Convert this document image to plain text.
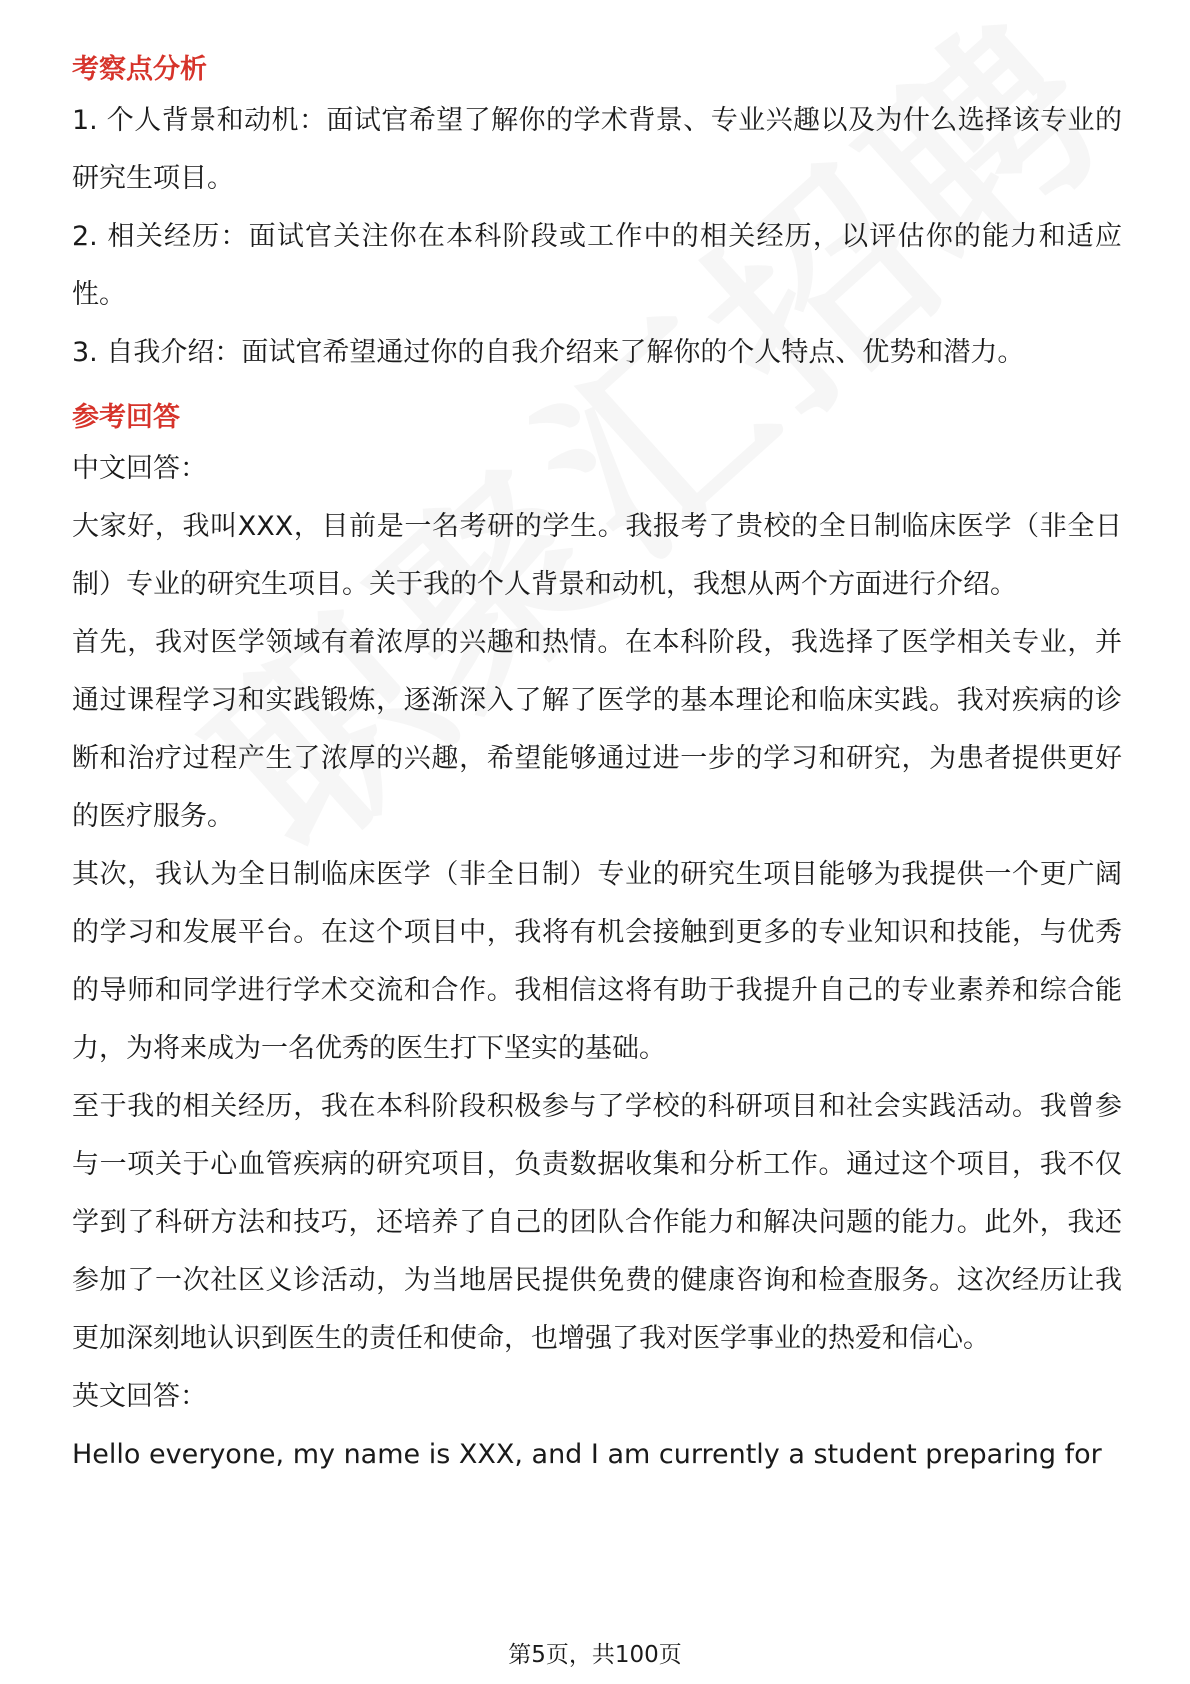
考察点分析

1. 个人背景和动机：面试官希望了解你的学术背景、专业兴趣以及为什么选择该专业的研究生项目。

2. 相关经历：面试官关注你在本科阶段或工作中的相关经历，以评估你的能力和适应性。

3. 自我介绍：面试官希望通过你的自我介绍来了解你的个人特点、优势和潜力。

参考回答

中文回答：

大家好，我叫XXX，目前是一名考研的学生。我报考了贵校的全日制临床医学（非全日制）专业的研究生项目。关于我的个人背景和动机，我想从两个方面进行介绍。

首先，我对医学领域有着浓厚的兴趣和热情。在本科阶段，我选择了医学相关专业，并通过课程学习和实践锻炼，逐渐深入了解了医学的基本理论和临床实践。我对疾病的诊断和治疗过程产生了浓厚的兴趣，希望能够通过进一步的学习和研究，为患者提供更好的医疗服务。

其次，我认为全日制临床医学（非全日制）专业的研究生项目能够为我提供一个更广阔的学习和发展平台。在这个项目中，我将有机会接触到更多的专业知识和技能，与优秀的导师和同学进行学术交流和合作。我相信这将有助于我提升自己的专业素养和综合能力，为将来成为一名优秀的医生打下坚实的基础。

至于我的相关经历，我在本科阶段积极参与了学校的科研项目和社会实践活动。我曾参与一项关于心血管疾病的研究项目，负责数据收集和分析工作。通过这个项目，我不仅学到了科研方法和技巧，还培养了自己的团队合作能力和解决问题的能力。此外，我还参加了一次社区义诊活动，为当地居民提供免费的健康咨询和检查服务。这次经历让我更加深刻地认识到医生的责任和使命，也增强了我对医学事业的热爱和信心。

英文回答：

Hello everyone, my name is XXX, and I am currently a student preparing for

第5页，共100页
